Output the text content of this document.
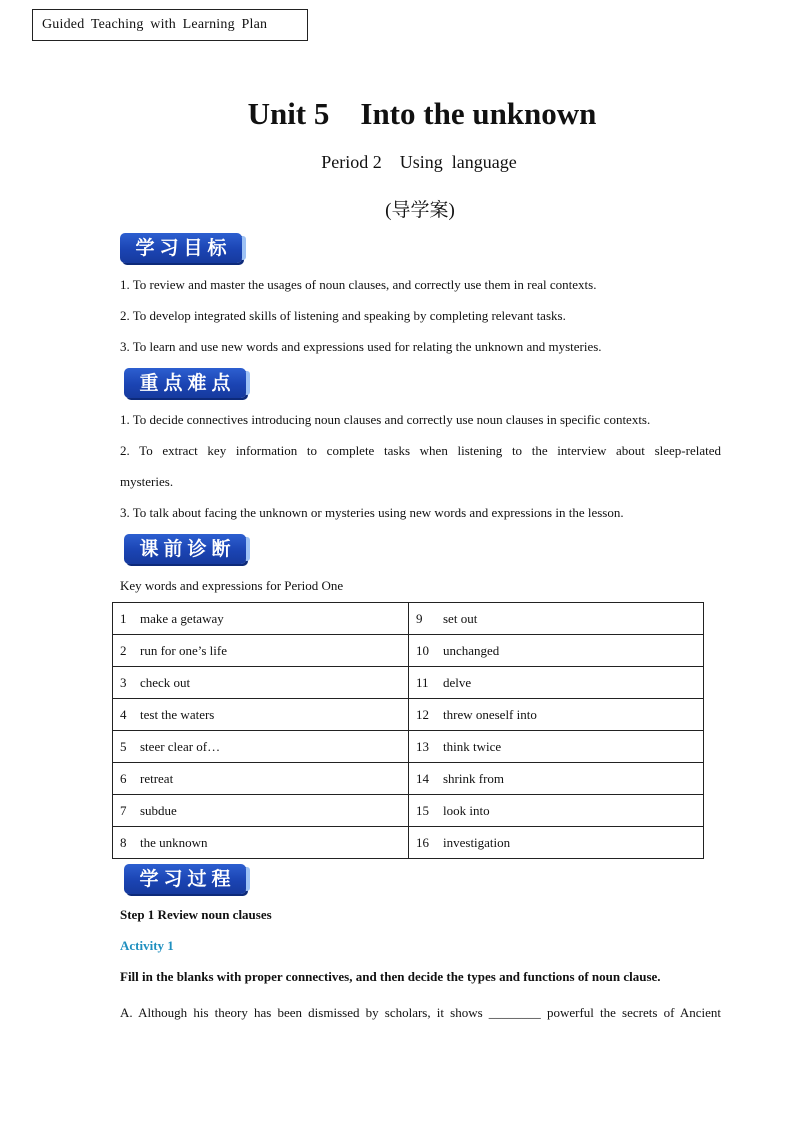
Guided Teaching with Learning Plan
Unit 5    Into the unknown
Period 2    Using  language
(导学案)
学习目标
1. To review and master the usages of noun clauses, and correctly use them in real contexts.
2. To develop integrated skills of listening and speaking by completing relevant tasks.
3. To learn and use new words and expressions used for relating the unknown and mysteries.
重点难点
1. To decide connectives introducing noun clauses and correctly use noun clauses in specific contexts.
2. To extract key information to complete tasks when listening to the interview about sleep-related
mysteries.
3. To talk about facing the unknown or mysteries using new words and expressions in the lesson.
课前诊断
Key words and expressions for Period One
1 make a getaway	9 set out
2 run for one’s life	10 unchanged
3 check out	11 delve
4 test the waters	12 threw oneself into
5 steer clear of…	13 think twice
6 retreat	14 shrink from
7 subdue	15 look into
8 the unknown	16 investigation
学习过程
Step 1 Review noun clauses
Activity 1
Fill in the blanks with proper connectives, and then decide the types and functions of noun clause.
A. Although his theory has been dismissed by scholars, it shows ________ powerful the secrets of Ancient
